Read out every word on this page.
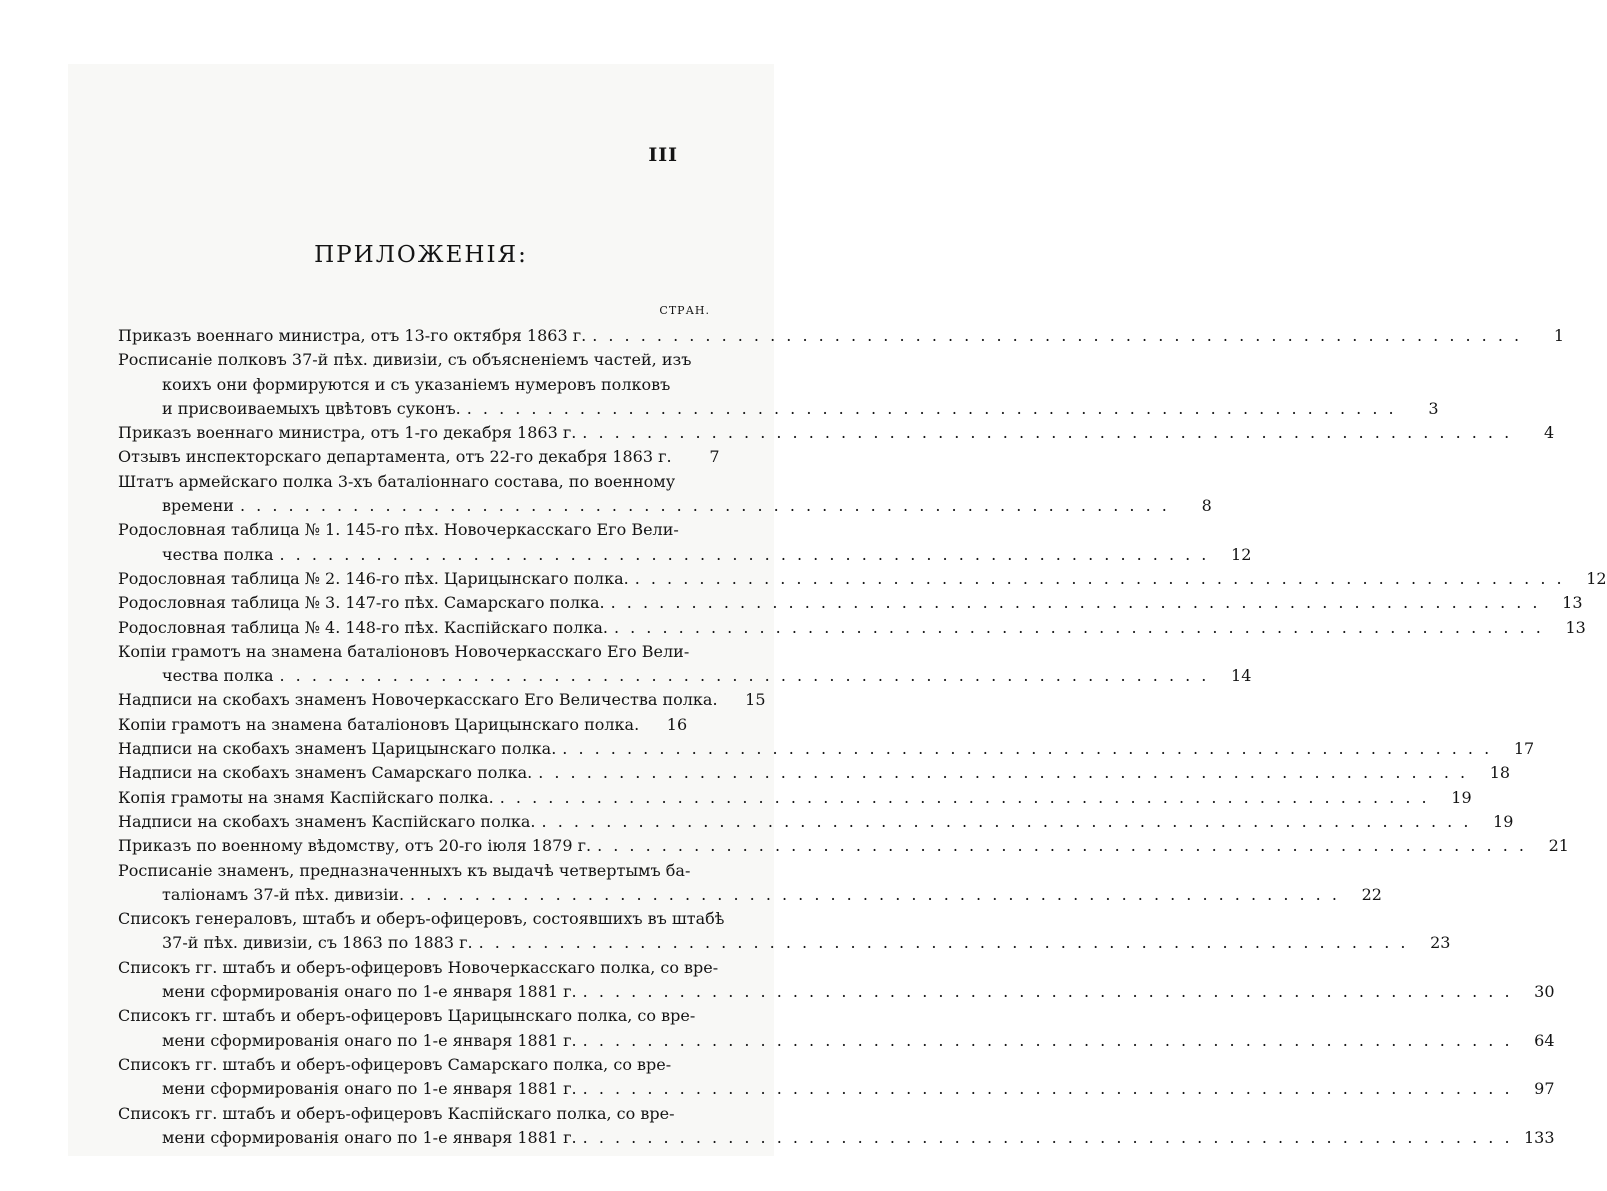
III
ПРИЛОЖЕНІЯ:
СТРАН.
Приказъ военнаго министра, отъ 13-го октября 1863 г. . . .	1
Росписаніе полковъ 37-й пѣх. дивизіи, съ объясненіемъ частей, изъ
коихъ они формируются и съ указаніемъ нумеровъ полковъ
и присвоиваемыхъ цвѣтовъ суконъ. . . .	3
Приказъ военнаго министра, отъ 1-го декабря 1863 г. . . .	4
Отзывъ инспекторскаго департамента, отъ 22-го декабря 1863 г.	7
Штатъ армейскаго полка 3-хъ баталіоннаго состава, по военному
времени . . .	8
Родословная таблица № 1. 145-го пѣх. Новочеркасскаго Его Вели-
чества полка . . .	12
Родословная таблица № 2. 146-го пѣх. Царицынскаго полка. . . .	12
Родословная таблица № 3. 147-го пѣх. Самарскаго полка. . . .	13
Родословная таблица № 4. 148-го пѣх. Каспійскаго полка. . . .	13
Копіи грамотъ на знамена баталіоновъ Новочеркасскаго Его Вели-
чества полка . . .	14
Надписи на скобахъ знаменъ Новочеркасскаго Его Величества полка.	15
Копіи грамотъ на знамена баталіоновъ Царицынскаго полка.	16
Надписи на скобахъ знаменъ Царицынскаго полка. . . .	17
Надписи на скобахъ знаменъ Самарскаго полка. . . .	18
Копія грамоты на знамя Каспійскаго полка. . . .	19
Надписи на скобахъ знаменъ Каспійскаго полка. . . .	19
Приказъ по военному вѣдомству, отъ 20-го іюля 1879 г. . . .	21
Росписаніе знаменъ, предназначенныхъ къ выдачѣ четвертымъ ба-
таліонамъ 37-й пѣх. дивизіи. . . .	22
Списокъ генераловъ, штабъ и оберъ-офицеровъ, состоявшихъ въ штабѣ
37-й пѣх. дивизіи, съ 1863 по 1883 г. . . .	23
Списокъ гг. штабъ и оберъ-офицеровъ Новочеркасскаго полка, со вре-
мени сформированія онаго по 1-е января 1881 г. . . .	30
Списокъ гг. штабъ и оберъ-офицеровъ Царицынскаго полка, со вре-
мени сформированія онаго по 1-е января 1881 г. . . .	64
Списокъ гг. штабъ и оберъ-офицеровъ Самарскаго полка, со вре-
мени сформированія онаго по 1-е января 1881 г. . . .	97
Списокъ гг. штабъ и оберъ-офицеровъ Каспійскаго полка, со вре-
мени сформированія онаго по 1-е января 1881 г. . . .	133
